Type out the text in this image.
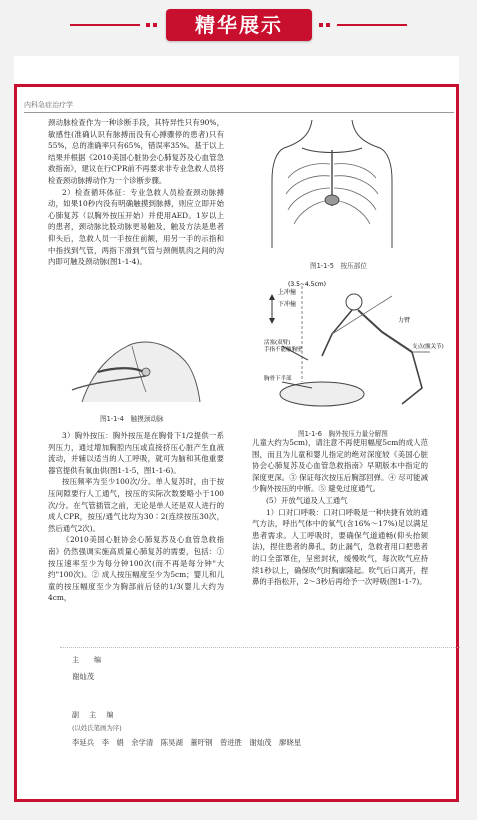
精华展示
内科急症治疗学

颈动脉检查作为一种诊断手段，其特异性只有90%，敏感性(准确认识有脉搏而没有心搏骤停的患者)只有55%，总的准确率只有65%，错误率35%。基于以上结果并根据《2010美国心脏协会心肺复苏及心血管急救指南》，建议在行CPR前不再要求非专业急救人员将检查颈动脉搏动作为一个诊断步骤。

2）检查循环体征：专业急救人员检查颈动脉搏动，如果10秒内没有明确触摸到脉搏，则应立即开始心肺复苏（以胸外按压开始）并使用AED。1岁以上的患者，颈动脉比股动脉更易触及，触及方法是患者仰头后，急救人员一手按住前额，用另一手的示指和中指找到气管，两指下滑到气管与颈侧肌肉之间的沟内即可触及颈动脉(图1-1-4)。

图1-1-4　触摸颈动脉

3）胸外按压：胸外按压是在胸骨下1/2提供一系列压力，通过增加胸腔内压或直接挤压心脏产生血液流动，并辅以适当的人工呼吸，就可为脑和其他重要器官提供有氧血供(图1-1-5，图1-1-6)。

按压频率为至少100次/分。单人复苏时，由于按压间隙要行人工通气，按压的实际次数要略小于100次/分。在气管插管之前，无论是单人还是双人进行的成人CPR，按压/通气比均为30∶2(连续按压30次，然后通气2次)。

《2010美国心脏协会心肺复苏及心血管急救指南》仍然强调实施高质量心肺复苏的需要，包括：① 按压速率至少为每分钟100次(而不再是每分钟"大约"100次)。② 成人按压幅度至少为5cm；婴儿和儿童的按压幅度至少为胸部前后径的1/3(婴儿大约为4cm，

图1-1-5　按压部位
上冲撞
下冲撞
(3.5~4.5cm)
力臂
活塞(双臂)手指不能触胸壁	支点(髋关节)
胸骨下半部
图1-1-6　胸外按压力量分解图

儿童大约为5cm)，请注意不再使用幅度5cm的成人范围，而且为儿童和婴儿指定的绝对深度较《美国心脏协会心肺复苏及心血管急救指南》早期版本中指定的深度更深。③ 保证每次按压后胸部回弹。④ 尽可能减少胸外按压的中断。⑤ 避免过度通气。

(5）开放气道及人工通气

1）口对口呼吸：口对口呼吸是一种快捷有效的通气方法，呼出气体中的氧气(含16%～17%)足以满足患者需求。人工呼吸时，要确保气道通畅(仰头抬颏法)，捏住患者的鼻孔，防止漏气，急救者用口把患者的口全部罩住，呈密封状，缓慢吹气，每次吹气应持续1秒以上，确保吹气时胸廓隆起。吹气后口离开，捏鼻的手指松开，2～3秒后再给予一次呼吸(图1-1-7)。

主　编
谢灿茂
副 主 编
(以姓氏笔画为序)
李延兵　李　娟　余学清　陈昊湖　董吁钢　曾进胜　谢灿茂　廖晓星
